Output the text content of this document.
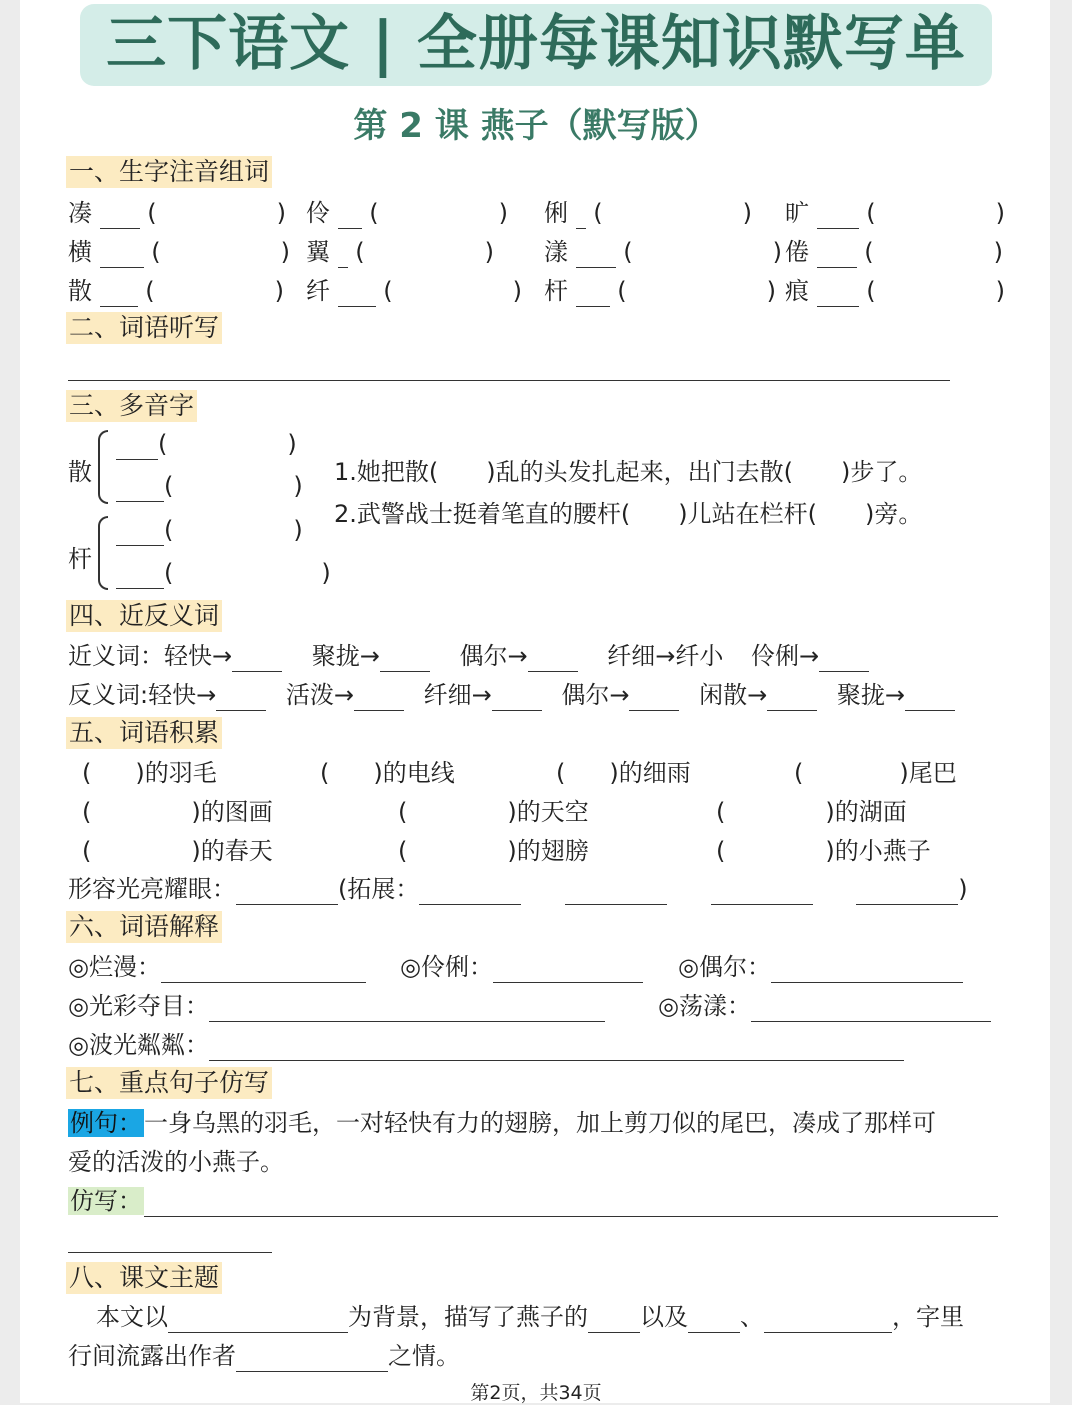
三下语文 | 全册每课知识默写单
第 2 课 燕子（默写版）
一、生字注音组词
凑  (	) 伶  (	) 俐  (	) 旷  (	)
横  (	) 翼  (	) 漾  (	) 倦  (	)
散  (	) 纤  (	) 杆  (	) 痕  (	)
二、词语听写
三、多音字
散
(	)
(	)
杆
(	)
(	)
1.她把散(　　)乱的头发扎起来，出门去散(　　)步了。
2.武警战士挺着笔直的腰杆(　　)儿站在栏杆(　　)旁。
四、近反义词
近义词：轻快→	聚拢→	偶尔→	纤细→纤小 伶俐→
反义词:轻快→	活泼→	纤细→	偶尔→	闲散→	聚拢→
五、词语积累
( )的羽毛	( )的电线	( )的细雨	(	)尾巴
(	)的图画	(	)的天空	(	)的湖面
(	)的春天	(	)的翅膀	(	)的小燕子
形容光亮耀眼：	(拓展：	)
六、词语解释
◎烂漫：	◎伶俐：	◎偶尔：
◎光彩夺目：	◎荡漾：
◎波光粼粼：
七、重点句子仿写
例句：一身乌黑的羽毛，一对轻快有力的翅膀，加上剪刀似的尾巴，凑成了那样可
爱的活泼的小燕子。
仿写：
八、课文主题
本文以	为背景，描写了燕子的 以及 、	，字里
行间流露出作者	之情。
第2页，共34页
